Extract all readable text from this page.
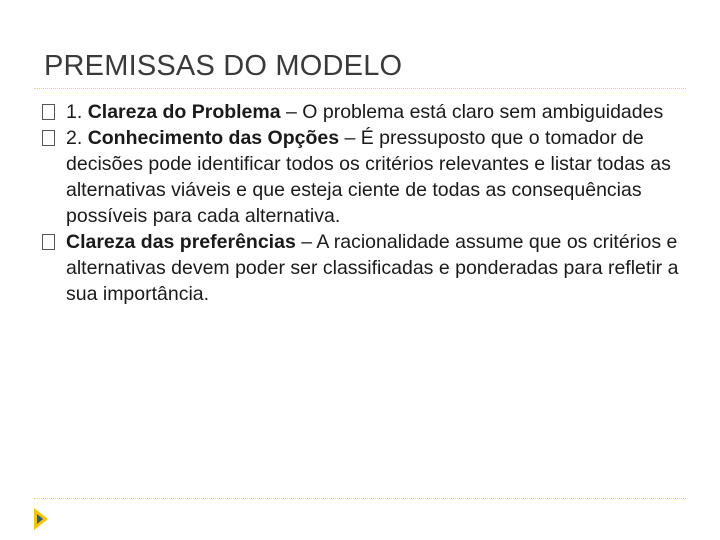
PREMISSAS DO MODELO
1. Clareza do Problema – O problema está claro sem ambiguidades
2. Conhecimento das Opções – É pressuposto que o tomador de decisões pode identificar todos os critérios relevantes e listar todas as alternativas viáveis e que esteja ciente de todas as consequências possíveis para cada alternativa.
Clareza das preferências – A racionalidade assume que os critérios e alternativas devem poder ser classificadas e ponderadas para refletir a sua importância.
